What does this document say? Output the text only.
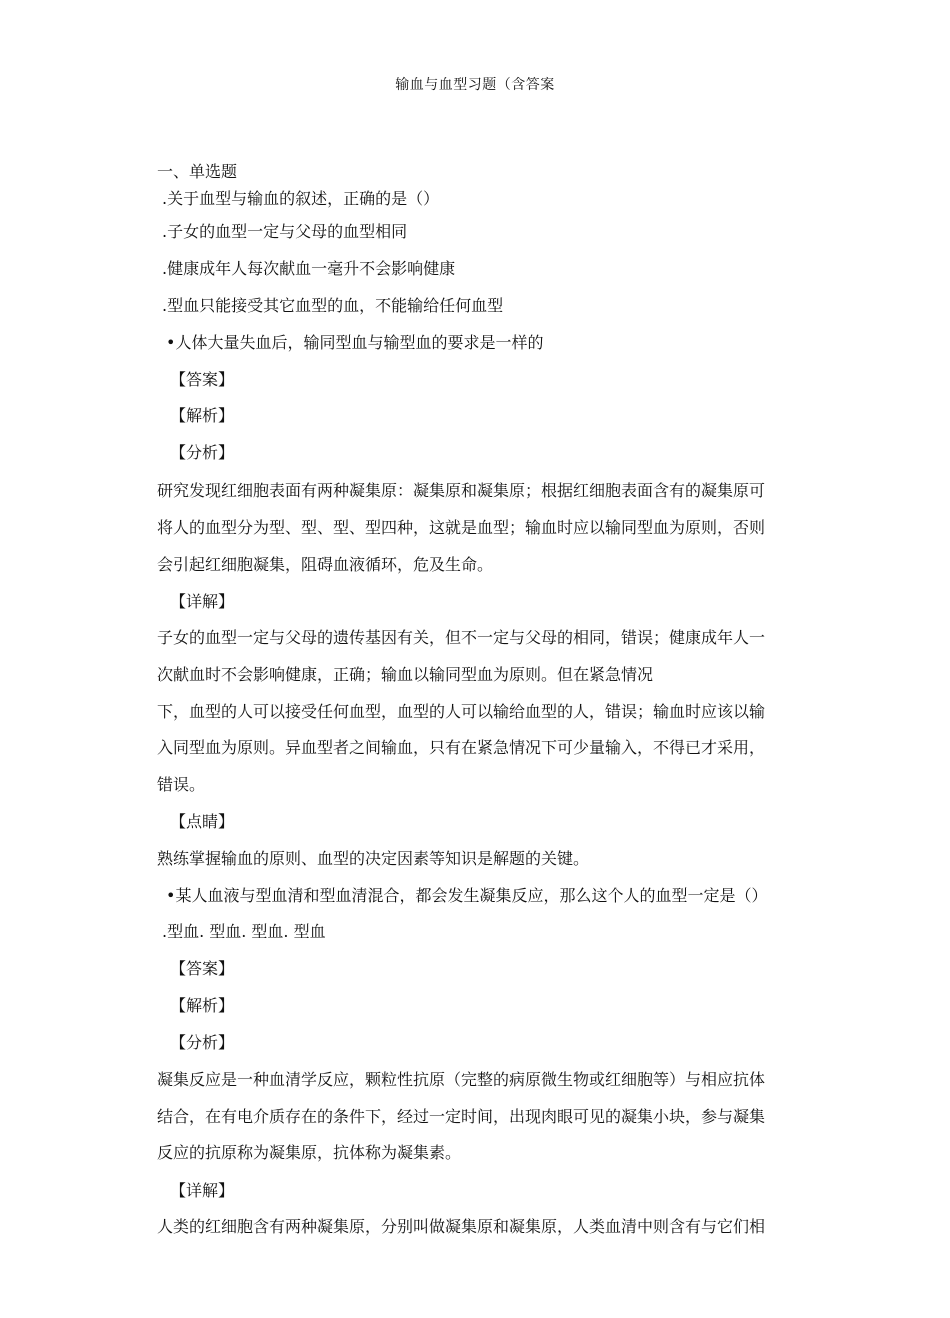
输血与血型习题（含答案
一、单选题
.关于血型与输血的叙述，正确的是（）
.子女的血型一定与父母的血型相同
.健康成年人每次献血一毫升不会影响健康
.型血只能接受其它血型的血，不能输给任何血型
•人体大量失血后，输同型血与输型血的要求是一样的
【答案】
【解析】
【分析】
研究发现红细胞表面有两种凝集原：凝集原和凝集原；根据红细胞表面含有的凝集原可
将人的血型分为型、型、型、型四种，这就是血型；输血时应以输同型血为原则，否则
会引起红细胞凝集，阻碍血液循环，危及生命。
【详解】
子女的血型一定与父母的遗传基因有关，但不一定与父母的相同，错误；健康成年人一
次献血时不会影响健康，正确；输血以输同型血为原则。但在紧急情况
下，血型的人可以接受任何血型，血型的人可以输给血型的人，错误；输血时应该以输
入同型血为原则。异血型者之间输血，只有在紧急情况下可少量输入，不得已才采用，
错误。
【点睛】
熟练掌握输血的原则、血型的决定因素等知识是解题的关键。
•某人血液与型血清和型血清混合，都会发生凝集反应，那么这个人的血型一定是（）
.型血. 型血. 型血. 型血
【答案】
【解析】
【分析】
凝集反应是一种血清学反应，颗粒性抗原（完整的病原微生物或红细胞等）与相应抗体
结合，在有电介质存在的条件下，经过一定时间，出现肉眼可见的凝集小块，参与凝集
反应的抗原称为凝集原，抗体称为凝集素。
【详解】
人类的红细胞含有两种凝集原，分别叫做凝集原和凝集原，人类血清中则含有与它们相
